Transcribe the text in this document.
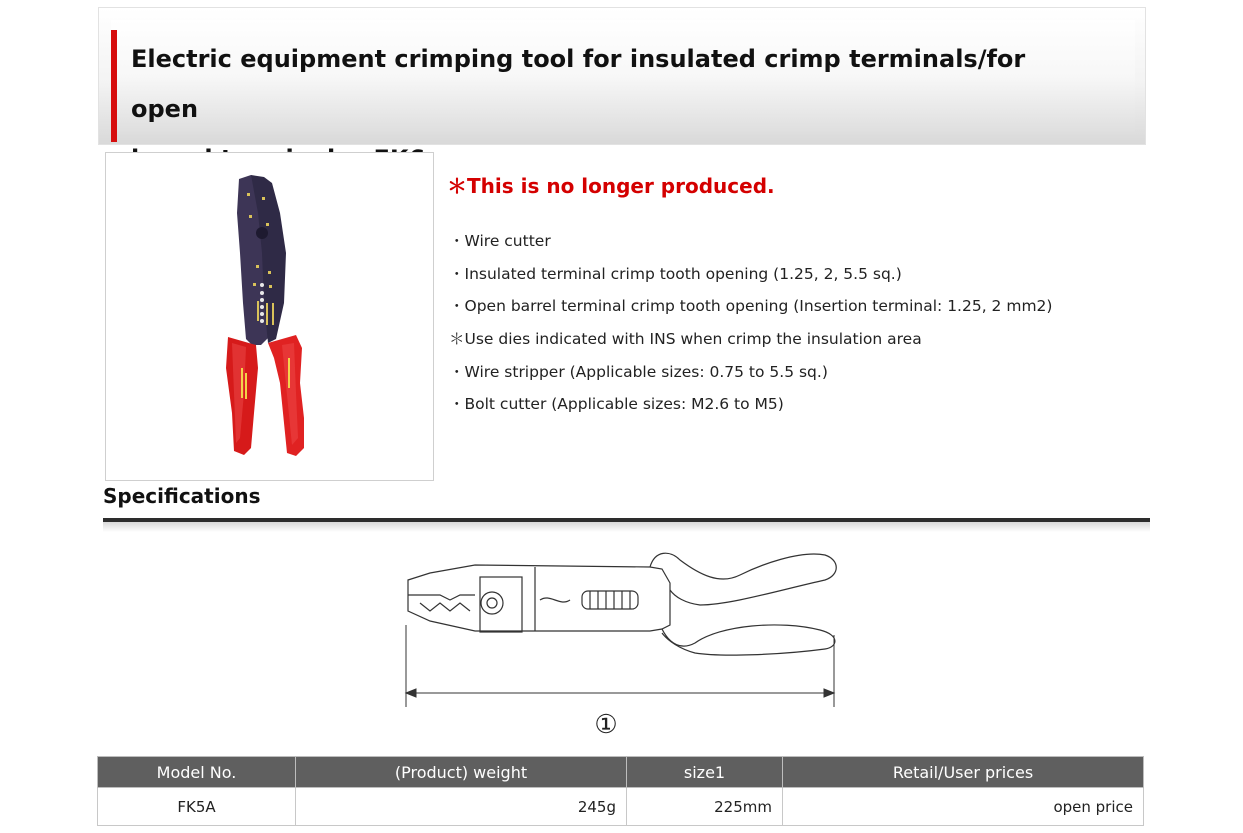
Electric equipment crimping tool for insulated crimp terminals/for open
＊This is no longer produced.
・Wire cutter
・Insulated terminal crimp tooth opening (1.25, 2, 5.5 sq.)
・Open barrel terminal crimp tooth opening (Insertion terminal: 1.25, 2 mm2)
＊Use dies indicated with INS when crimp the insulation area
・Wire stripper (Applicable sizes: 0.75 to 5.5 sq.)
・Bolt cutter (Applicable sizes: M2.6 to M5)
Specifications
①
Model No.	(Product) weight	size1	Retail/User prices
FK5A	245g	225mm	open price
